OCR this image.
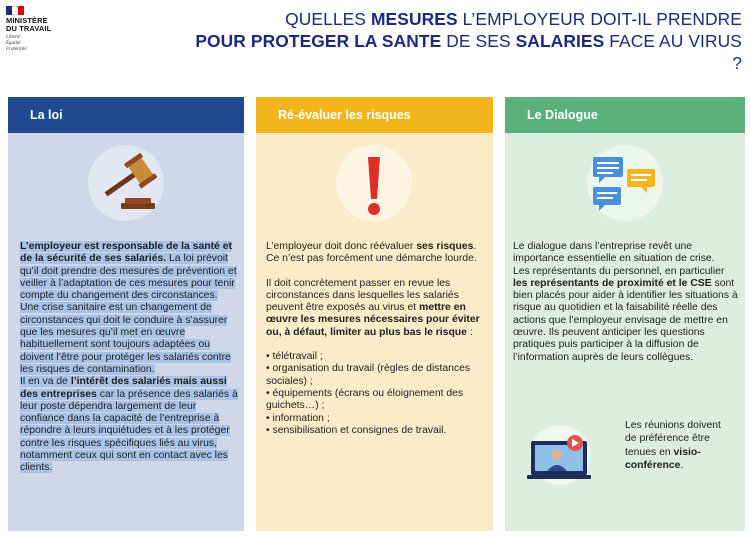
MINISTÈRE
DU TRAVAIL
Liberté
Égalité
Fraternité
QUELLES MESURES L’EMPLOYEUR DOIT-IL PRENDRE
POUR PROTEGER LA SANTE DE SES SALARIES FACE AU VIRUS ?
La loi
L’employeur est responsable de la santé et de la sécurité de ses salariés. La loi prévoit qu’il doit prendre des mesures de prévention et veiller à l’adaptation de ces mesures pour tenir compte du changement des circonstances. Une crise sanitaire est un changement de circonstances qui doit le conduire à s’assurer que les mesures qu’il met en œuvre habituellement sont toujours adaptées ou doivent l’être pour protéger les salariés contre les risques de contamination.
Il en va de l’intérêt des salariés mais aussi des entreprises car la présence des salariés à leur poste dépendra largement de leur confiance dans la capacité de l’entreprise à répondre à leurs inquiétudes et à les protéger contre les risques spécifiques liés au virus, notamment ceux qui sont en contact avec les clients.
Ré-évaluer les risques
L’employeur doit donc réévaluer ses risques.
Ce n’est pas forcément une démarche lourde.
Il doit concrètement passer en revue les circonstances dans lesquelles les salariés peuvent être exposés au virus et mettre en œuvre les mesures nécessaires pour éviter ou, à défaut, limiter au plus bas le risque :
• télétravail ;
• organisation du travail (règles de distances sociales) ;
• équipements (écrans ou éloignement des guichets…) ;
• information ;
• sensibilisation et consignes de travail.
Le Dialogue
Le dialogue dans l’entreprise revêt une importance essentielle en situation de crise.
Les représentants du personnel, en particulier les représentants de proximité et le CSE sont bien placés pour aider à identifier les situations à risque au quotidien et la faisabilité réelle des actions que l’employeur envisage de mettre en œuvre. Ils peuvent anticiper les questions pratiques puis participer à la diffusion de l’information auprès de leurs collègues.
Les réunions doivent de préférence être tenues en visio-conférence.
